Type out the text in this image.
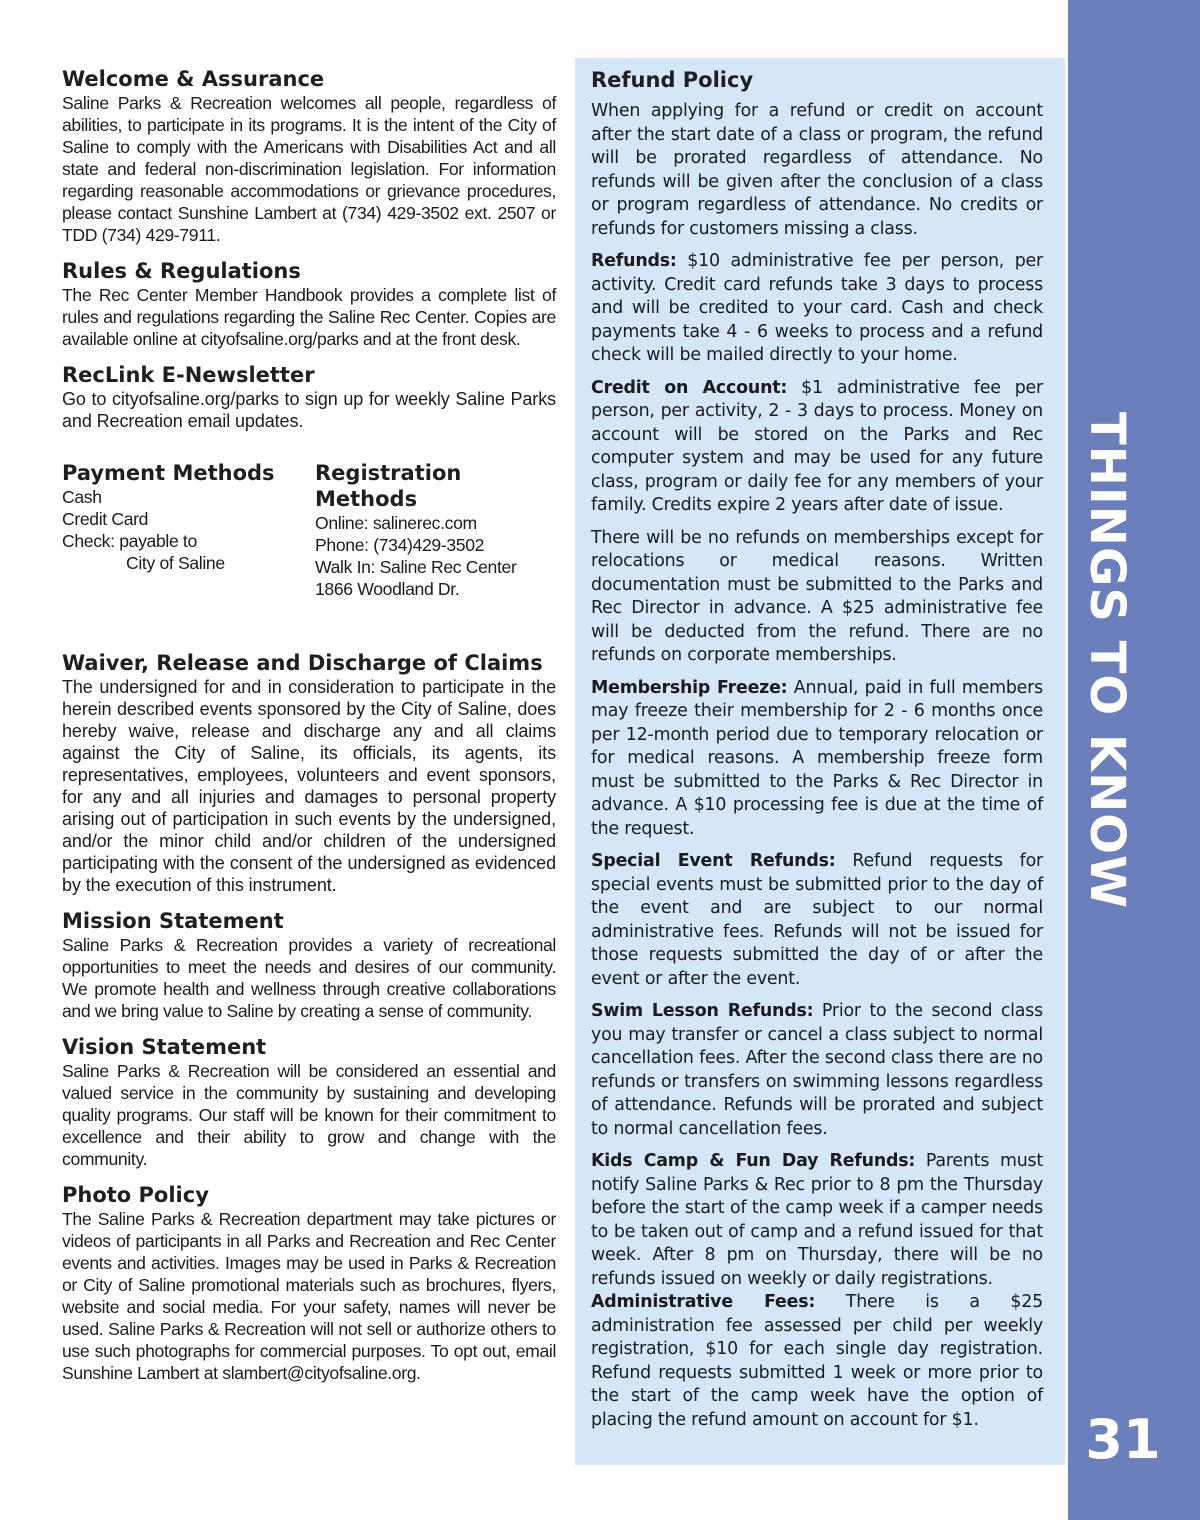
Welcome & Assurance

Saline Parks & Recreation welcomes all people, regardless of abilities, to participate in its programs. It is the intent of the City of Saline to comply with the Americans with Disabilities Act and all state and federal non-discrimination legislation. For information regarding reasonable accommodations or grievance procedures, please contact Sunshine Lambert at (734) 429-3502 ext. 2507 or TDD (734) 429-7911.

Rules & Regulations

The Rec Center Member Handbook provides a complete list of rules and regulations regarding the Saline Rec Center. Copies are available online at cityofsaline.org/parks and at the front desk.

RecLink E-Newsletter

Go to cityofsaline.org/parks to sign up for weekly Saline Parks and Recreation email updates.

Payment Methods
Cash
Credit Card
Check: payable to
City of Saline
Registration Methods
Online: salinerec.com
Phone: (734)429-3502
Walk In: Saline Rec Center
1866 Woodland Dr.
Waiver, Release and Discharge of Claims

The undersigned for and in consideration to participate in the herein described events sponsored by the City of Saline, does hereby waive, release and discharge any and all claims against the City of Saline, its officials, its agents, its representatives, employees, volunteers and event sponsors, for any and all injuries and damages to personal property arising out of participation in such events by the undersigned, and/or the minor child and/or children of the undersigned participating with the consent of the undersigned as evidenced by the execution of this instrument.

Mission Statement

Saline Parks & Recreation provides a variety of recreational opportunities to meet the needs and desires of our community. We promote health and wellness through creative collaborations and we bring value to Saline by creating a sense of community.

Vision Statement

Saline Parks & Recreation will be considered an essential and valued service in the community by sustaining and developing quality programs. Our staff will be known for their commitment to excellence and their ability to grow and change with the community.

Photo Policy

The Saline Parks & Recreation department may take pictures or videos of participants in all Parks and Recreation and Rec Center events and activities. Images may be used in Parks & Recreation or City of Saline promotional materials such as brochures, flyers, website and social media. For your safety, names will never be used. Saline Parks & Recreation will not sell or authorize others to use such photographs for commercial purposes. To opt out, email Sunshine Lambert at slambert@cityofsaline.org.

Refund Policy

When applying for a refund or credit on account after the start date of a class or program, the refund will be prorated regardless of attendance. No refunds will be given after the conclusion of a class or program regardless of attendance. No credits or refunds for customers missing a class.

Refunds: $10 administrative fee per person, per activity. Credit card refunds take 3 days to process and will be credited to your card. Cash and check payments take 4 - 6 weeks to process and a refund check will be mailed directly to your home.

Credit on Account: $1 administrative fee per person, per activity, 2 - 3 days to process. Money on account will be stored on the Parks and Rec computer system and may be used for any future class, program or daily fee for any members of your family. Credits expire 2 years after date of issue.

There will be no refunds on memberships except for relocations or medical reasons. Written documentation must be submitted to the Parks and Rec Director in advance. A $25 administrative fee will be deducted from the refund. There are no refunds on corporate memberships.

Membership Freeze: Annual, paid in full members may freeze their membership for 2 - 6 months once per 12-month period due to temporary relocation or for medical reasons. A membership freeze form must be submitted to the Parks & Rec Director in advance. A $10 processing fee is due at the time of the request.

Special Event Refunds: Refund requests for special events must be submitted prior to the day of the event and are subject to our normal administrative fees. Refunds will not be issued for those requests submitted the day of or after the event or after the event.

Swim Lesson Refunds: Prior to the second class you may transfer or cancel a class subject to normal cancellation fees. After the second class there are no refunds or transfers on swimming lessons regardless of attendance. Refunds will be prorated and subject to normal cancellation fees.

Kids Camp & Fun Day Refunds: Parents must notify Saline Parks & Rec prior to 8 pm the Thursday before the start of the camp week if a camper needs to be taken out of camp and a refund issued for that week. After 8 pm on Thursday, there will be no refunds issued on weekly or daily registrations.
Administrative Fees: There is a $25 administration fee assessed per child per weekly registration, $10 for each single day registration. Refund requests submitted 1 week or more prior to the start of the camp week have the option of placing the refund amount on account for $1.

THINGS TO KNOW
31
